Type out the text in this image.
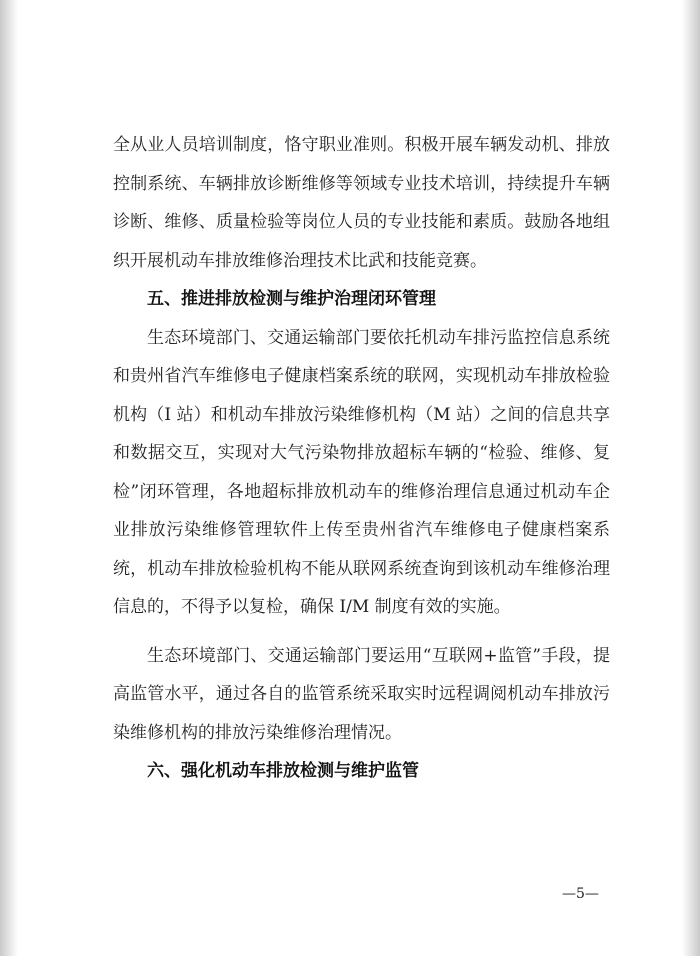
全从业人员培训制度，恪守职业准则。积极开展车辆发动机、排放控制系统、车辆排放诊断维修等领域专业技术培训，持续提升车辆诊断、维修、质量检验等岗位人员的专业技能和素质。鼓励各地组织开展机动车排放维修治理技术比武和技能竞赛。

五、推进排放检测与维护治理闭环管理

生态环境部门、交通运输部门要依托机动车排污监控信息系统和贵州省汽车维修电子健康档案系统的联网，实现机动车排放检验机构（I 站）和机动车排放污染维修机构（M 站）之间的信息共享和数据交互，实现对大气污染物排放超标车辆的“检验、维修、复检”闭环管理，各地超标排放机动车的维修治理信息通过机动车企业排放污染维修管理软件上传至贵州省汽车维修电子健康档案系统，机动车排放检验机构不能从联网系统查询到该机动车维修治理信息的，不得予以复检，确保 I/M 制度有效的实施。

生态环境部门、交通运输部门要运用“互联网+监管”手段，提高监管水平，通过各自的监管系统采取实时远程调阅机动车排放污染维修机构的排放污染维修治理情况。

六、强化机动车排放检测与维护监管

—5—
